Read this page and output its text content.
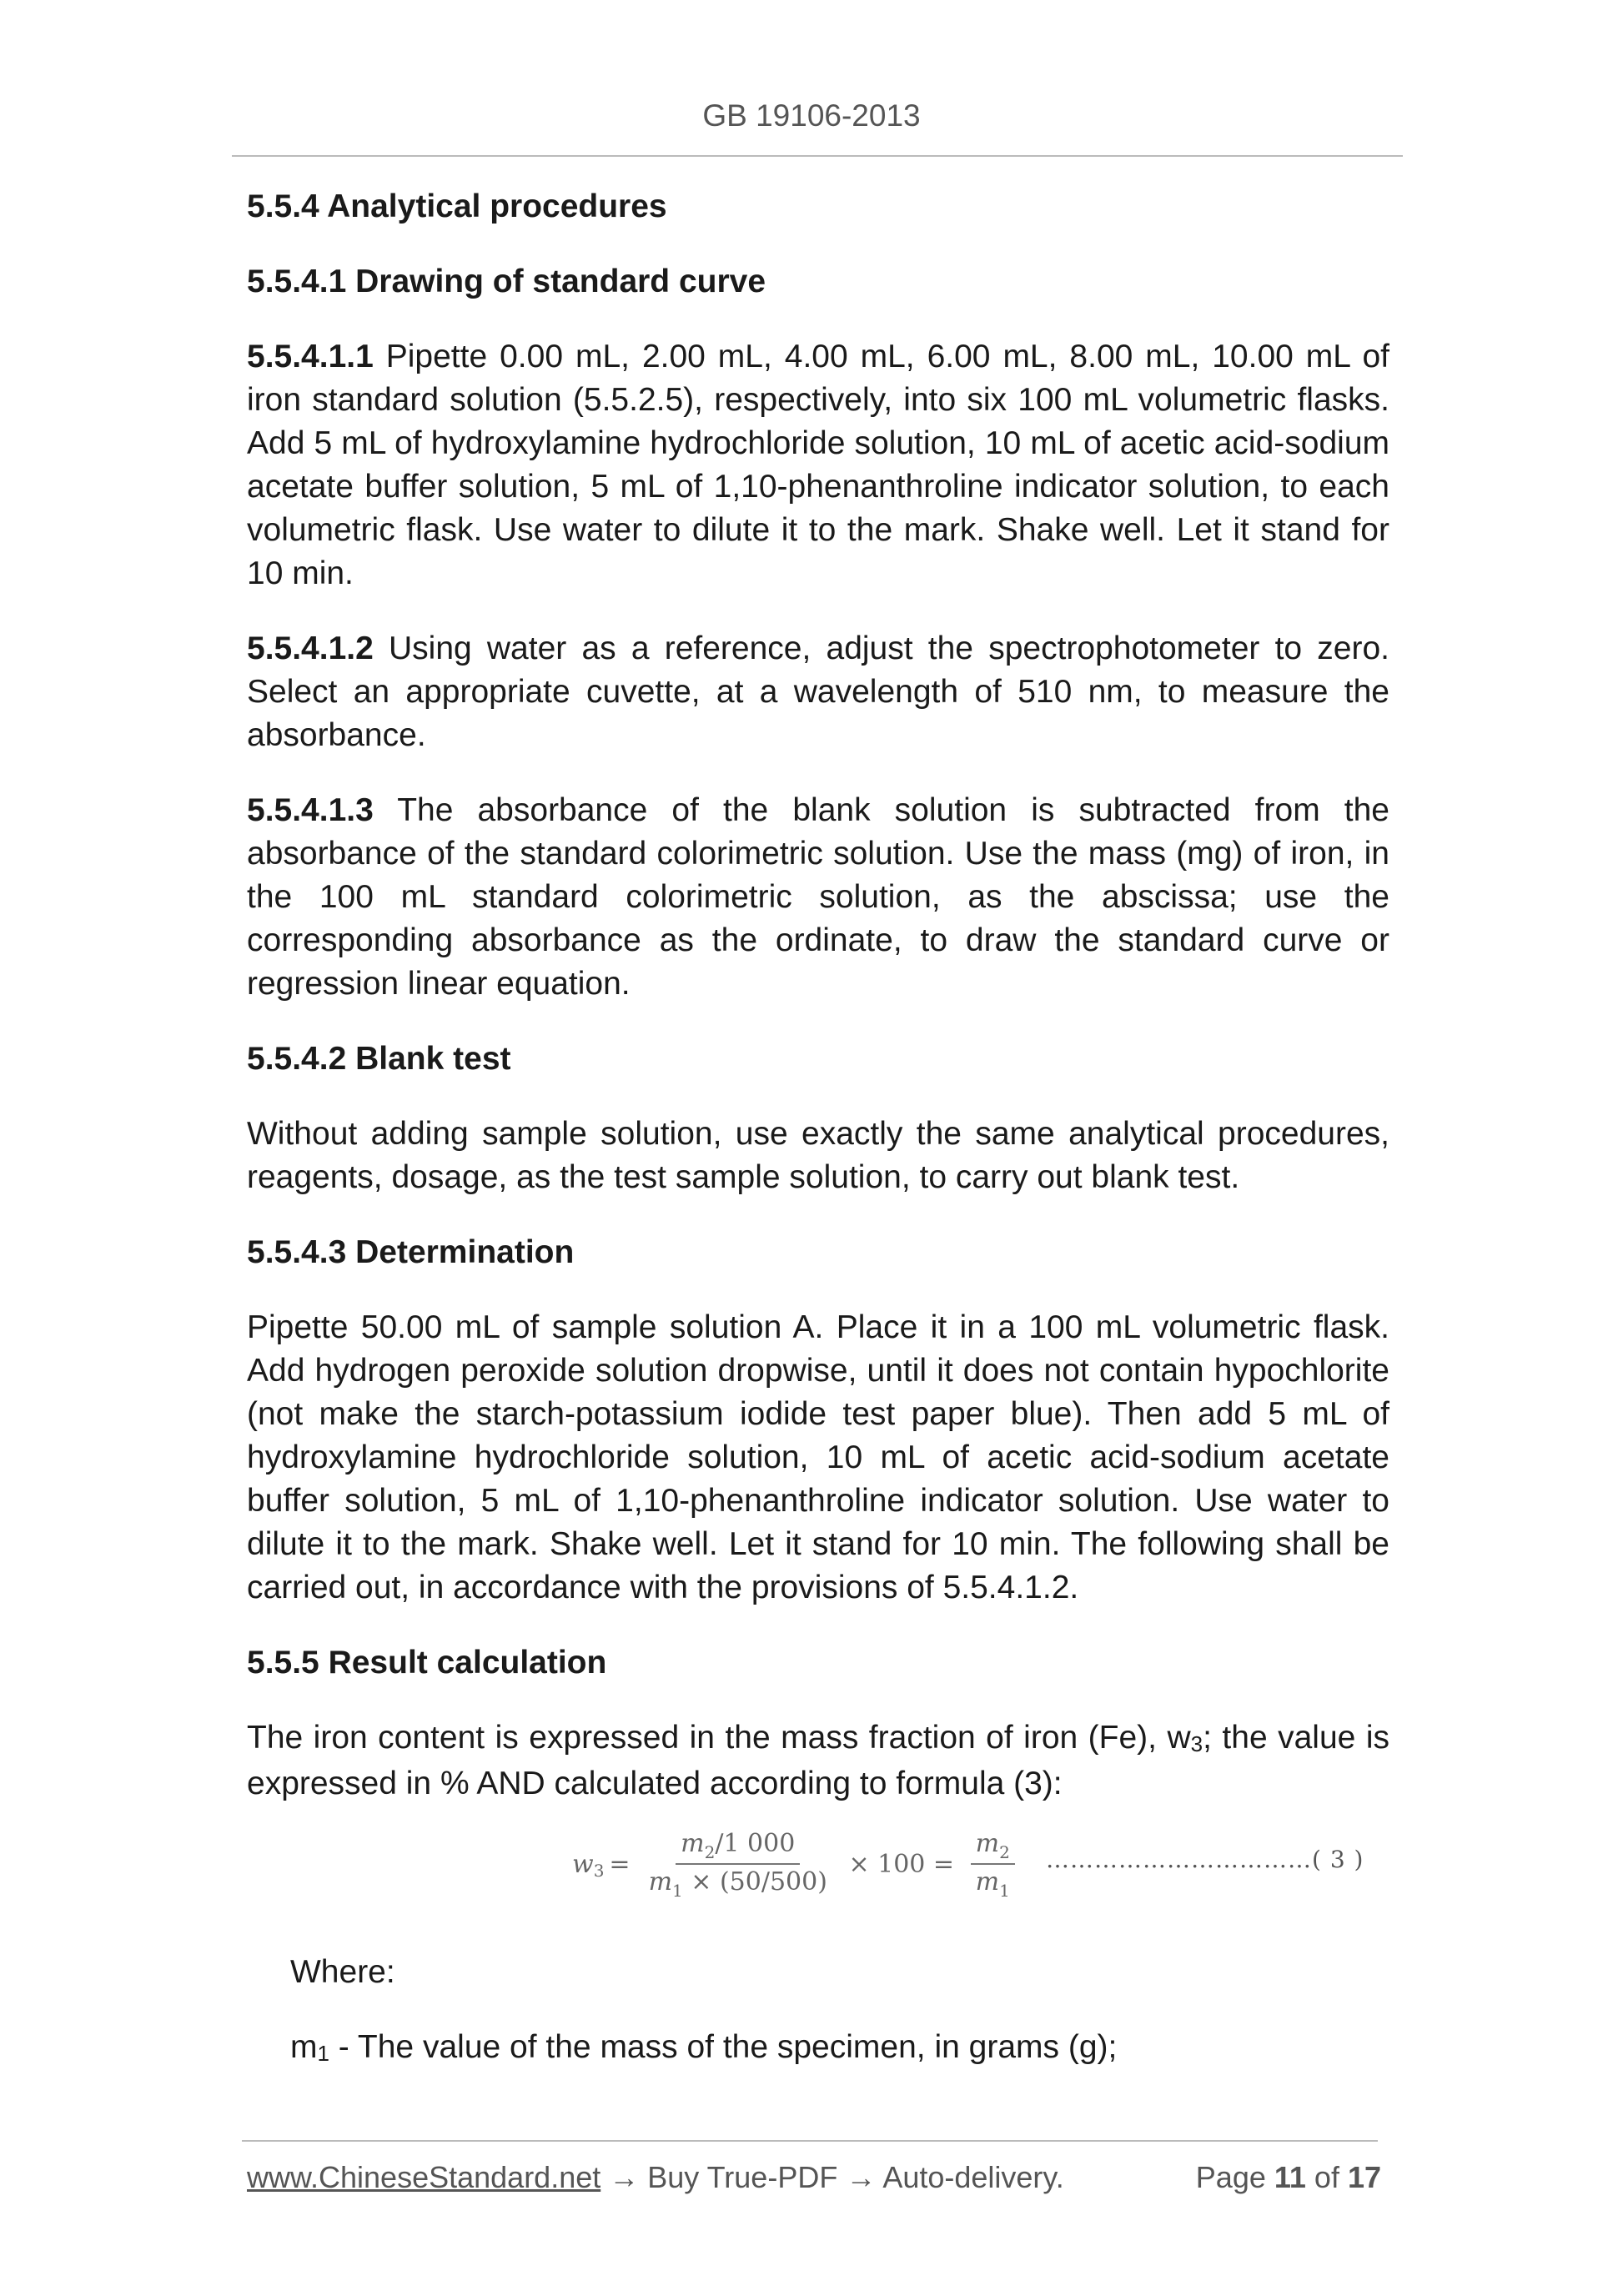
GB 19106-2013
5.5.4 Analytical procedures
5.5.4.1 Drawing of standard curve
5.5.4.1.1 Pipette 0.00 mL, 2.00 mL, 4.00 mL, 6.00 mL, 8.00 mL, 10.00 mL of iron standard solution (5.5.2.5), respectively, into six 100 mL volumetric flasks. Add 5 mL of hydroxylamine hydrochloride solution, 10 mL of acetic acid-sodium acetate buffer solution, 5 mL of 1,10-phenanthroline indicator solution, to each volumetric flask. Use water to dilute it to the mark. Shake well. Let it stand for 10 min.
5.5.4.1.2 Using water as a reference, adjust the spectrophotometer to zero. Select an appropriate cuvette, at a wavelength of 510 nm, to measure the absorbance.
5.5.4.1.3 The absorbance of the blank solution is subtracted from the absorbance of the standard colorimetric solution. Use the mass (mg) of iron, in the 100 mL standard colorimetric solution, as the abscissa; use the corresponding absorbance as the ordinate, to draw the standard curve or regression linear equation.
5.5.4.2 Blank test
Without adding sample solution, use exactly the same analytical procedures, reagents, dosage, as the test sample solution, to carry out blank test.
5.5.4.3 Determination
Pipette 50.00 mL of sample solution A. Place it in a 100 mL volumetric flask. Add hydrogen peroxide solution dropwise, until it does not contain hypochlorite (not make the starch-potassium iodide test paper blue). Then add 5 mL of hydroxylamine hydrochloride solution, 10 mL of acetic acid-sodium acetate buffer solution, 5 mL of 1,10-phenanthroline indicator solution. Use water to dilute it to the mark. Shake well. Let it stand for 10 min. The following shall be carried out, in accordance with the provisions of 5.5.4.1.2.
5.5.5 Result calculation
The iron content is expressed in the mass fraction of iron (Fe), $w_3$; the value is expressed in % AND calculated according to formula (3):
w $3 = \frac{m_2/1 000}{m_1 \times (50/500)} \times 100 = \frac{m_2}{m_1}$ ……………………………( 3 )
Where:
$m_1$ - The value of the mass of the specimen, in grams (g);
www.ChineseStandard.net → Buy True-PDF → Auto-delivery.	Page 11 of 17
